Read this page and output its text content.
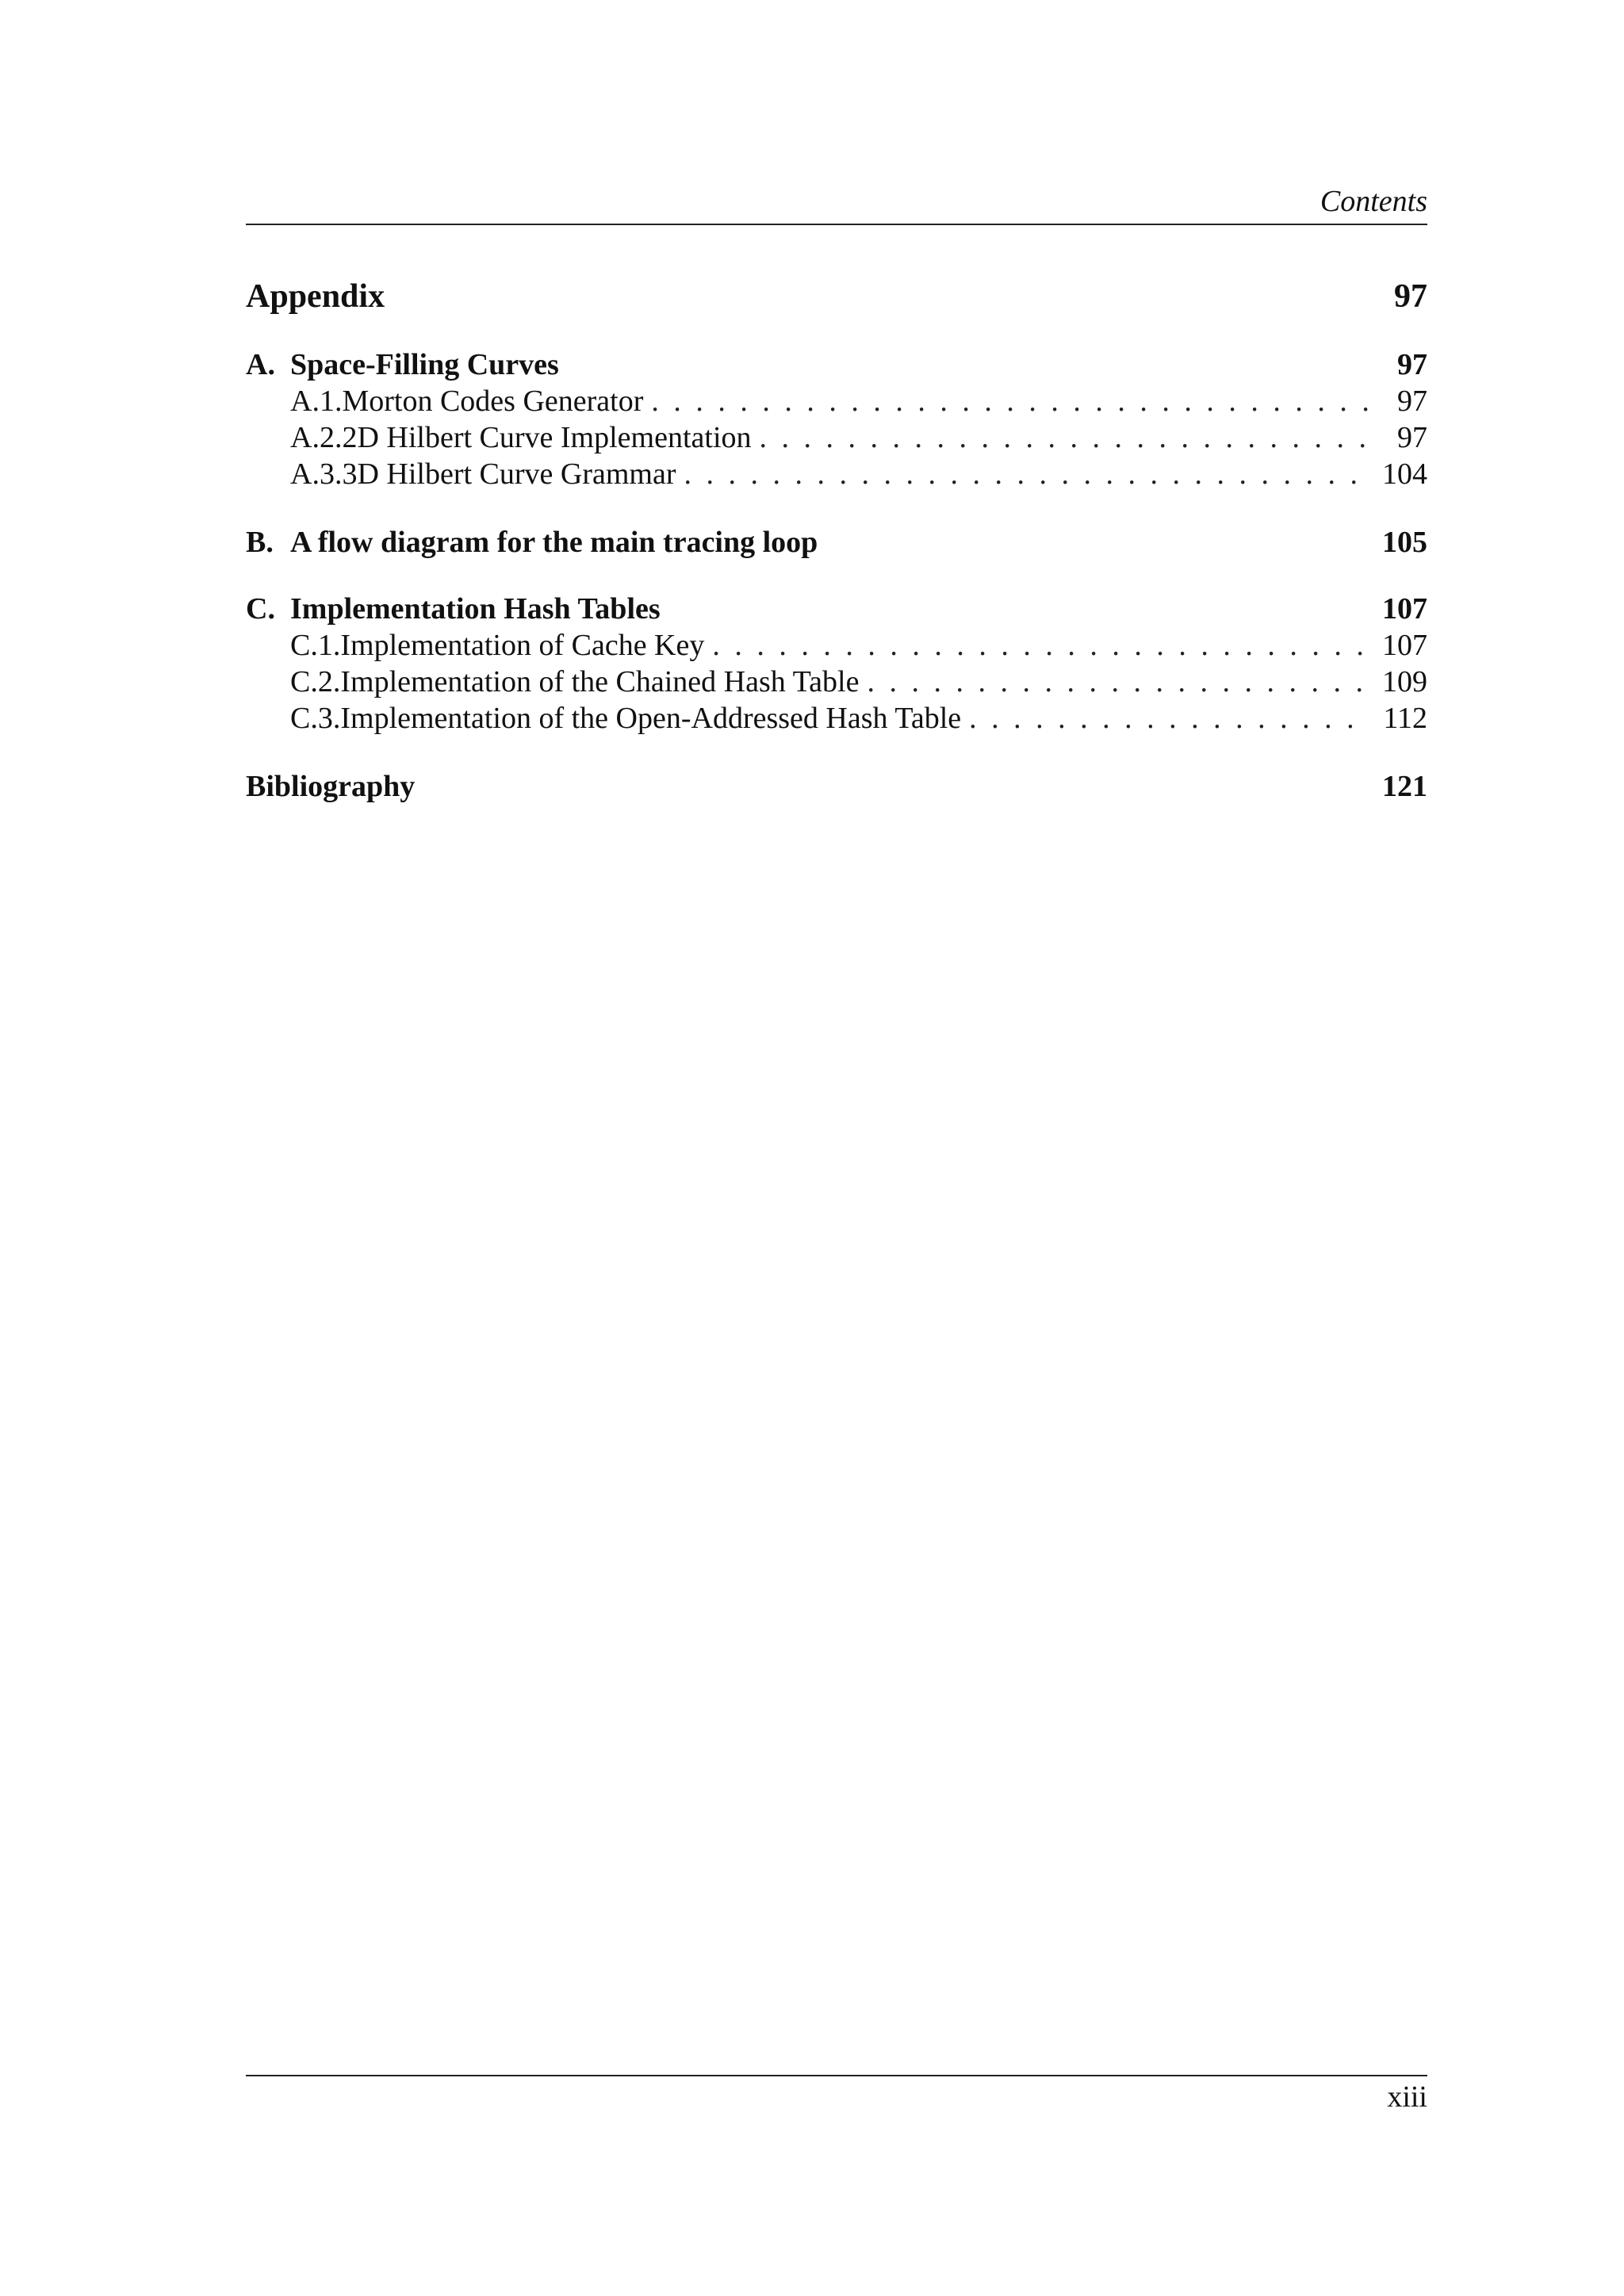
Contents
Appendix	97
A. Space-Filling Curves	97
A.1. Morton Codes Generator . . .	97
A.2. 2D Hilbert Curve Implementation . . .	97
A.3. 3D Hilbert Curve Grammar . . .	104
B. A flow diagram for the main tracing loop	105
C. Implementation Hash Tables	107
C.1. Implementation of Cache Key . . .	107
C.2. Implementation of the Chained Hash Table . . .	109
C.3. Implementation of the Open-Addressed Hash Table . . .	112
Bibliography	121
xiii
